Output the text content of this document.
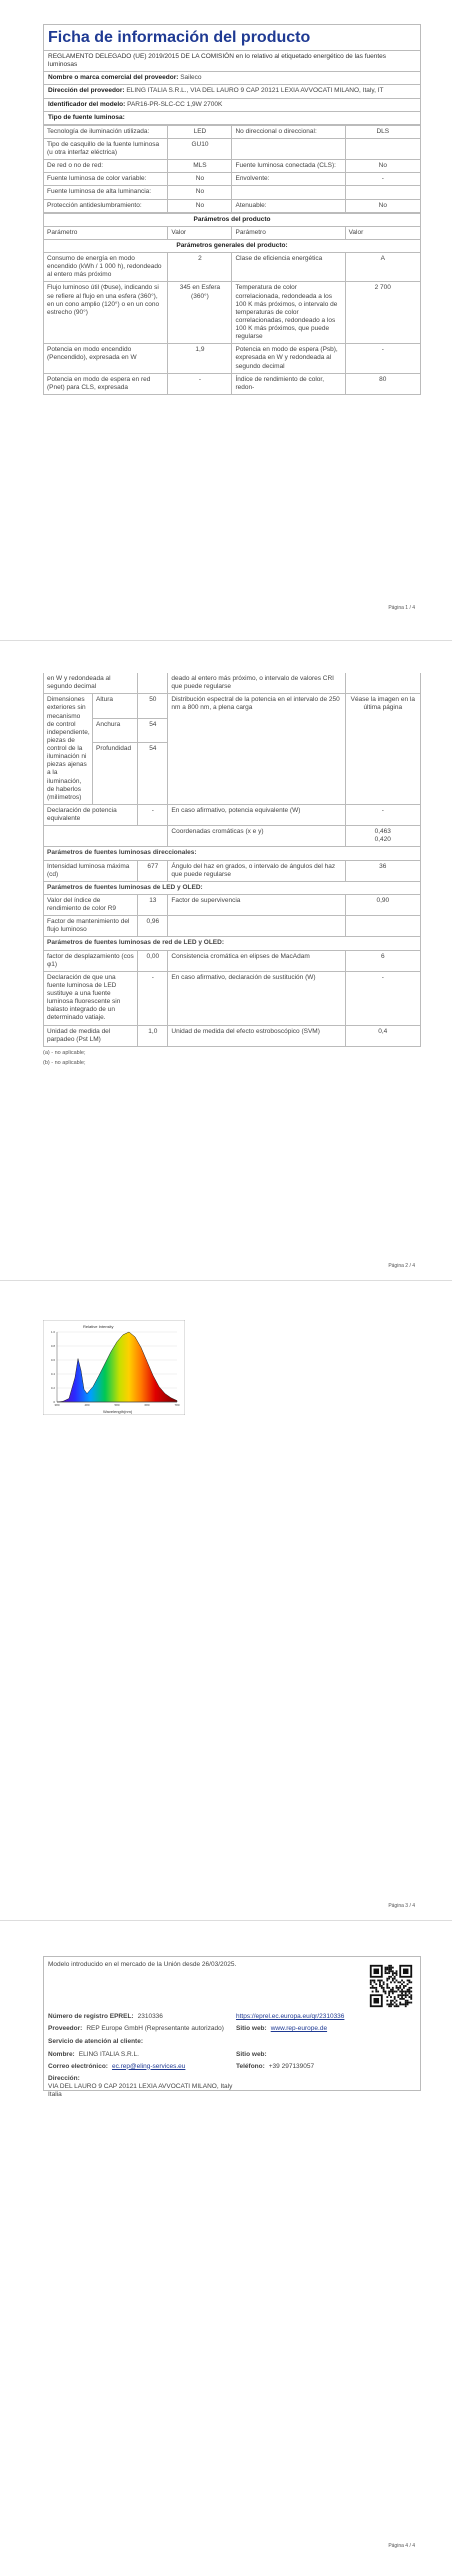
Ficha de información del producto
REGLAMENTO DELEGADO (UE) 2019/2015 DE LA COMISIÓN en lo relativo al etiquetado energético de las fuentes luminosas
Nombre o marca comercial del proveedor: Saileco
Dirección del proveedor: ELING ITALIA S.R.L., VIA DEL LAURO 9 CAP 20121 LEXIA AVVOCATI MILANO, Italy, IT
Identificador del modelo: PAR16-PR-SLC-CC 1,9W 2700K
Tipo de fuente luminosa:
Tecnología de iluminación utilizada:	LED	No direccional o direccional:	DLS
Tipo de casquillo de la fuente luminosa
(u otra interfaz eléctrica)	GU10		
De red o no de red:	MLS	Fuente luminosa conectada (CLS):	No
Fuente luminosa de color variable:	No	Envolvente:	-
Fuente luminosa de alta luminancia:	No		
Protección antideslumbramiento:	No	Atenuable:	No
Parámetros del producto			
Parámetro	Valor	Parámetro	Valor
Parámetros generales del producto:			
Consumo de energía en modo encendido (kWh / 1 000 h), redondeado al entero más próximo	2	Clase de eficiencia energética	A
Flujo luminoso útil (Φuse), indicando si se refiere al flujo en una esfera (360°), en un cono amplio (120°) o en un cono estrecho (90°)	345 en Esfera (360°)	Temperatura de color correlacionada, redondeada a los 100 K más próximos, o intervalo de temperaturas de color correlacionadas, redondeado a los 100 K más próximos, que puede regularse	2 700
Potencia en modo encendido (Pencendido), expresada en W	1,9	Potencia en modo de espera (Psb), expresada en W y redondeada al segundo decimal	-
Potencia en modo de espera en red (Pnet) para CLS, expresada	-	Índice de rendimiento de color, redon-	80
Página 1 / 4
en W y redondeada al segundo decimal			deado al entero más próximo, o intervalo de valores CRI que puede regularse	
Dimensiones exteriores sin mecanismo de control independiente, piezas de control de la iluminación ni piezas ajenas a la iluminación, de haberlos (milímetros)	Altura	50	Distribución espectral de la potencia en el intervalo de 250 nm a 800 nm, a plena carga	Véase la imagen en la última página
	Anchura	54		
	Profundidad	54		
Declaración de potencia equivalente		-	En caso afirmativo, potencia equivalente (W)	-
			Coordenadas cromáticas (x e y)	0,463
0,420
Parámetros de fuentes luminosas direccionales:				
Intensidad luminosa máxima (cd)		677	Ángulo del haz en grados, o intervalo de ángulos del haz que puede regularse	36
Parámetros de fuentes luminosas de LED y OLED:				
Valor del índice de rendimiento de color R9		13	Factor de supervivencia	0,90
Factor de mantenimiento del flujo luminoso		0,96		
Parámetros de fuentes luminosas de red de LED y OLED:				
factor de desplazamiento (cos φ1)		0,00	Consistencia cromática en elipses de MacAdam	6
Declaración de que una fuente luminosa de LED sustituye a una fuente luminosa fluorescente sin balasto integrado de un determinado vatiaje.		-	En caso afirmativo, declaración de sustitución (W)	-
Unidad de medida del parpadeo (Pst LM)		1,0	Unidad de medida del efecto estroboscópico (SVM)	0,4
(a) - no aplicable;
(b) - no aplicable;
Página 2 / 4
Página 3 / 4
0
0.2
0.4
0.6
0.8
1.0
380	480	580	680	780
Relative Intensity
Wavelength(nm)
Modelo introducido en el mercado de la Unión desde 26/03/2025.
Número de registro EPREL: 2310336	https://eprel.ec.europa.eu/qr/2310336
Proveedor: REP Europe GmbH (Representante autorizado) Sitio web: www.rep-europe.de
Servicio de atención al cliente:
Nombre: ELING ITALIA S.R.L.	Sitio web:
Correo electrónico: ec.rep@eling-services.eu	Teléfono: +39 297139057
Dirección:
VIA DEL LAURO 9 CAP 20121 LEXIA AVVOCATI MILANO, Italy
Italia
Página 4 / 4
